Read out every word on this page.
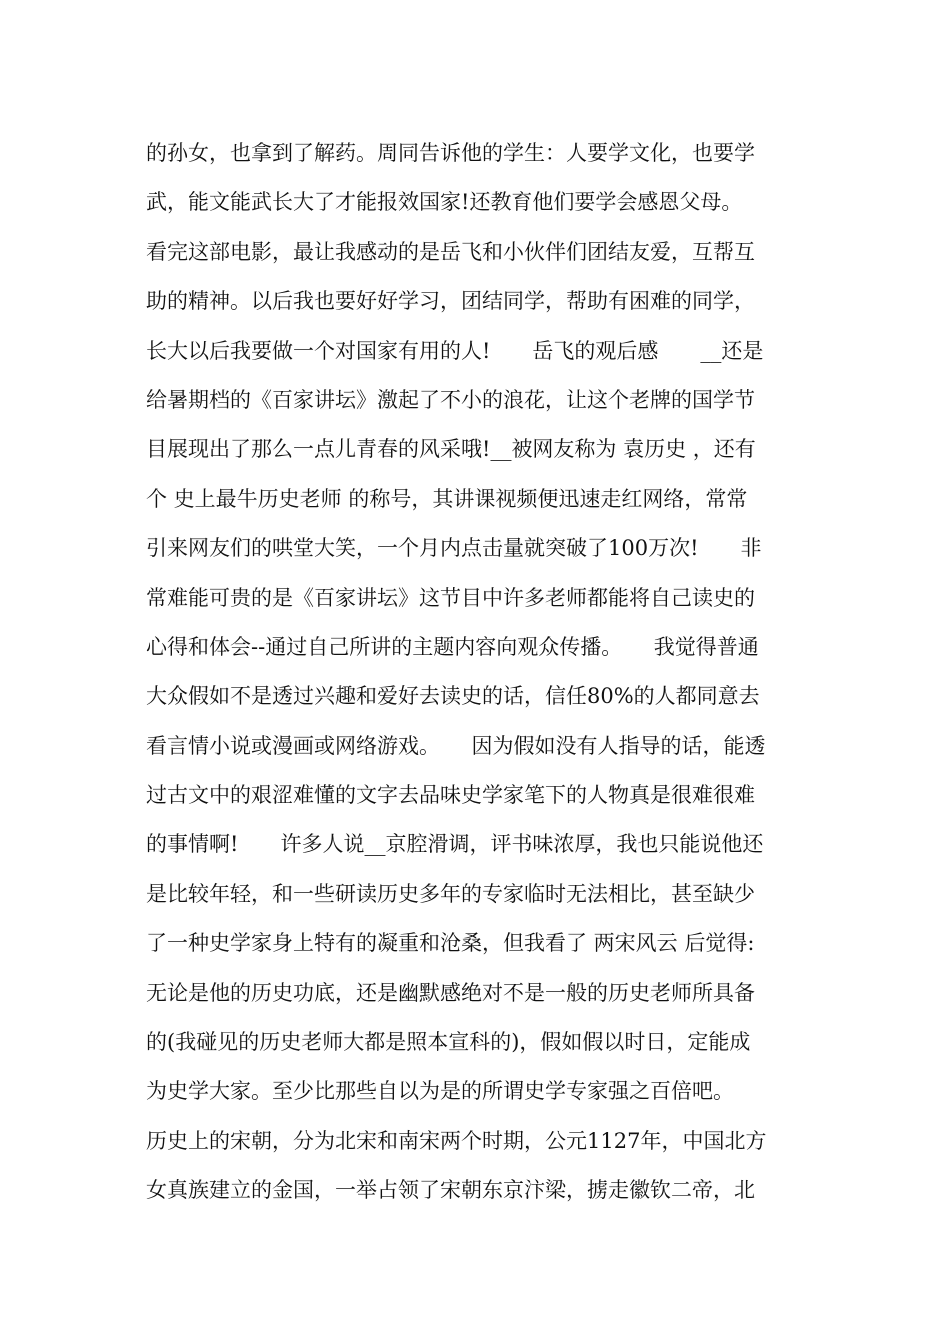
的孙女，也拿到了解药。周同告诉他的学生：人要学文化，也要学
武，能文能武长大了才能报效国家!还教育他们要学会感恩父母。
看完这部电影，最让我感动的是岳飞和小伙伴们团结友爱，互帮互
助的精神。以后我也要好好学习，团结同学，帮助有困难的同学，
长大以后我要做一个对国家有用的人!　　岳飞的观后感　　__还是
给暑期档的《百家讲坛》激起了不小的浪花，让这个老牌的国学节
目展现出了那么一点儿青春的风采哦!__被网友称为 袁历史 ，还有
个 史上最牛历史老师 的称号，其讲课视频便迅速走红网络，常常
引来网友们的哄堂大笑，一个月内点击量就突破了100万次!　　非
常难能可贵的是《百家讲坛》这节目中许多老师都能将自己读史的
心得和体会--通过自己所讲的主题内容向观众传播。　　我觉得普通
大众假如不是透过兴趣和爱好去读史的话，信任80%的人都同意去
看言情小说或漫画或网络游戏。　　因为假如没有人指导的话，能透
过古文中的艰涩难懂的文字去品味史学家笔下的人物真是很难很难
的事情啊!　　许多人说__京腔滑调，评书味浓厚，我也只能说他还
是比较年轻，和一些研读历史多年的专家临时无法相比，甚至缺少
了一种史学家身上特有的凝重和沧桑，但我看了 两宋风云 后觉得:
无论是他的历史功底，还是幽默感绝对不是一般的历史老师所具备
的(我碰见的历史老师大都是照本宣科的)，假如假以时日，定能成
为史学大家。至少比那些自以为是的所谓史学专家强之百倍吧。
历史上的宋朝，分为北宋和南宋两个时期，公元1127年，中国北方
女真族建立的金国，一举占领了宋朝东京汴梁，掳走徽钦二帝，北
